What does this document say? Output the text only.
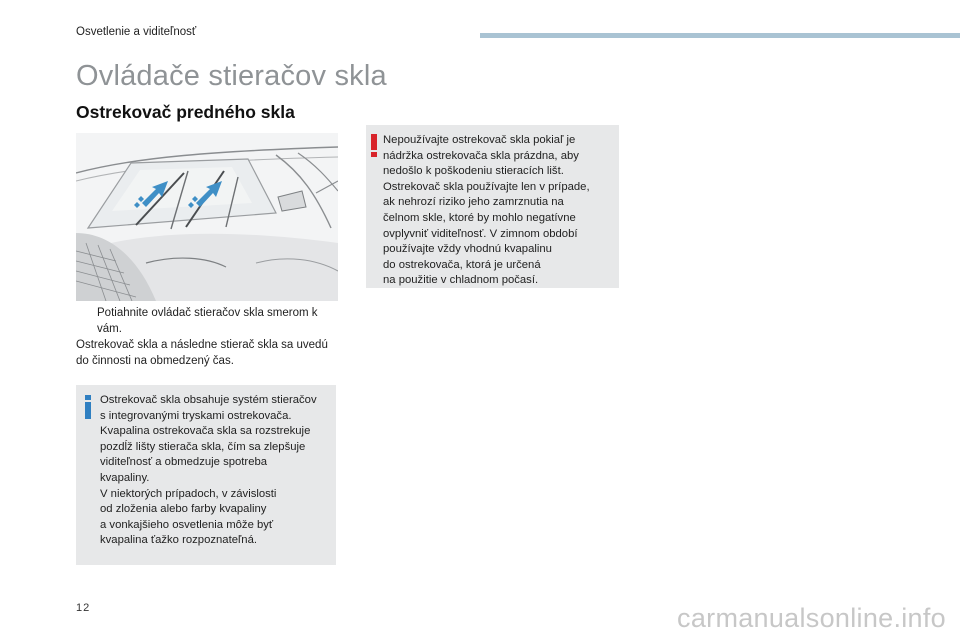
Osvetlenie a viditeľnosť
Ovládače stieračov skla
Ostrekovač predného skla
Potiahnite ovládač stieračov skla smerom k vám.
Ostrekovač skla a následne stierač skla sa uvedú do činnosti na obmedzený čas.
Ostrekovač skla obsahuje systém stieračov
s integrovanými tryskami ostrekovača.
Kvapalina ostrekovača skla sa rozstrekuje
pozdĺž lišty stierača skla, čím sa zlepšuje
viditeľnosť a obmedzuje spotreba
kvapaliny.
V niektorých prípadoch, v závislosti
od zloženia alebo farby kvapaliny
a vonkajšieho osvetlenia môže byť
kvapalina ťažko rozpoznateľná.
Nepoužívajte ostrekovač skla pokiaľ je
nádržka ostrekovača skla prázdna, aby
nedošlo k poškodeniu stieracích lišt.
Ostrekovač skla používajte len v prípade,
ak nehrozí riziko jeho zamrznutia na
čelnom skle, ktoré by mohlo negatívne
ovplyvniť viditeľnosť. V zimnom období
používajte vždy vhodnú kvapalinu
do ostrekovača, ktorá je určená
na použitie v chladnom počasí.
12	carmanualsonline.info
